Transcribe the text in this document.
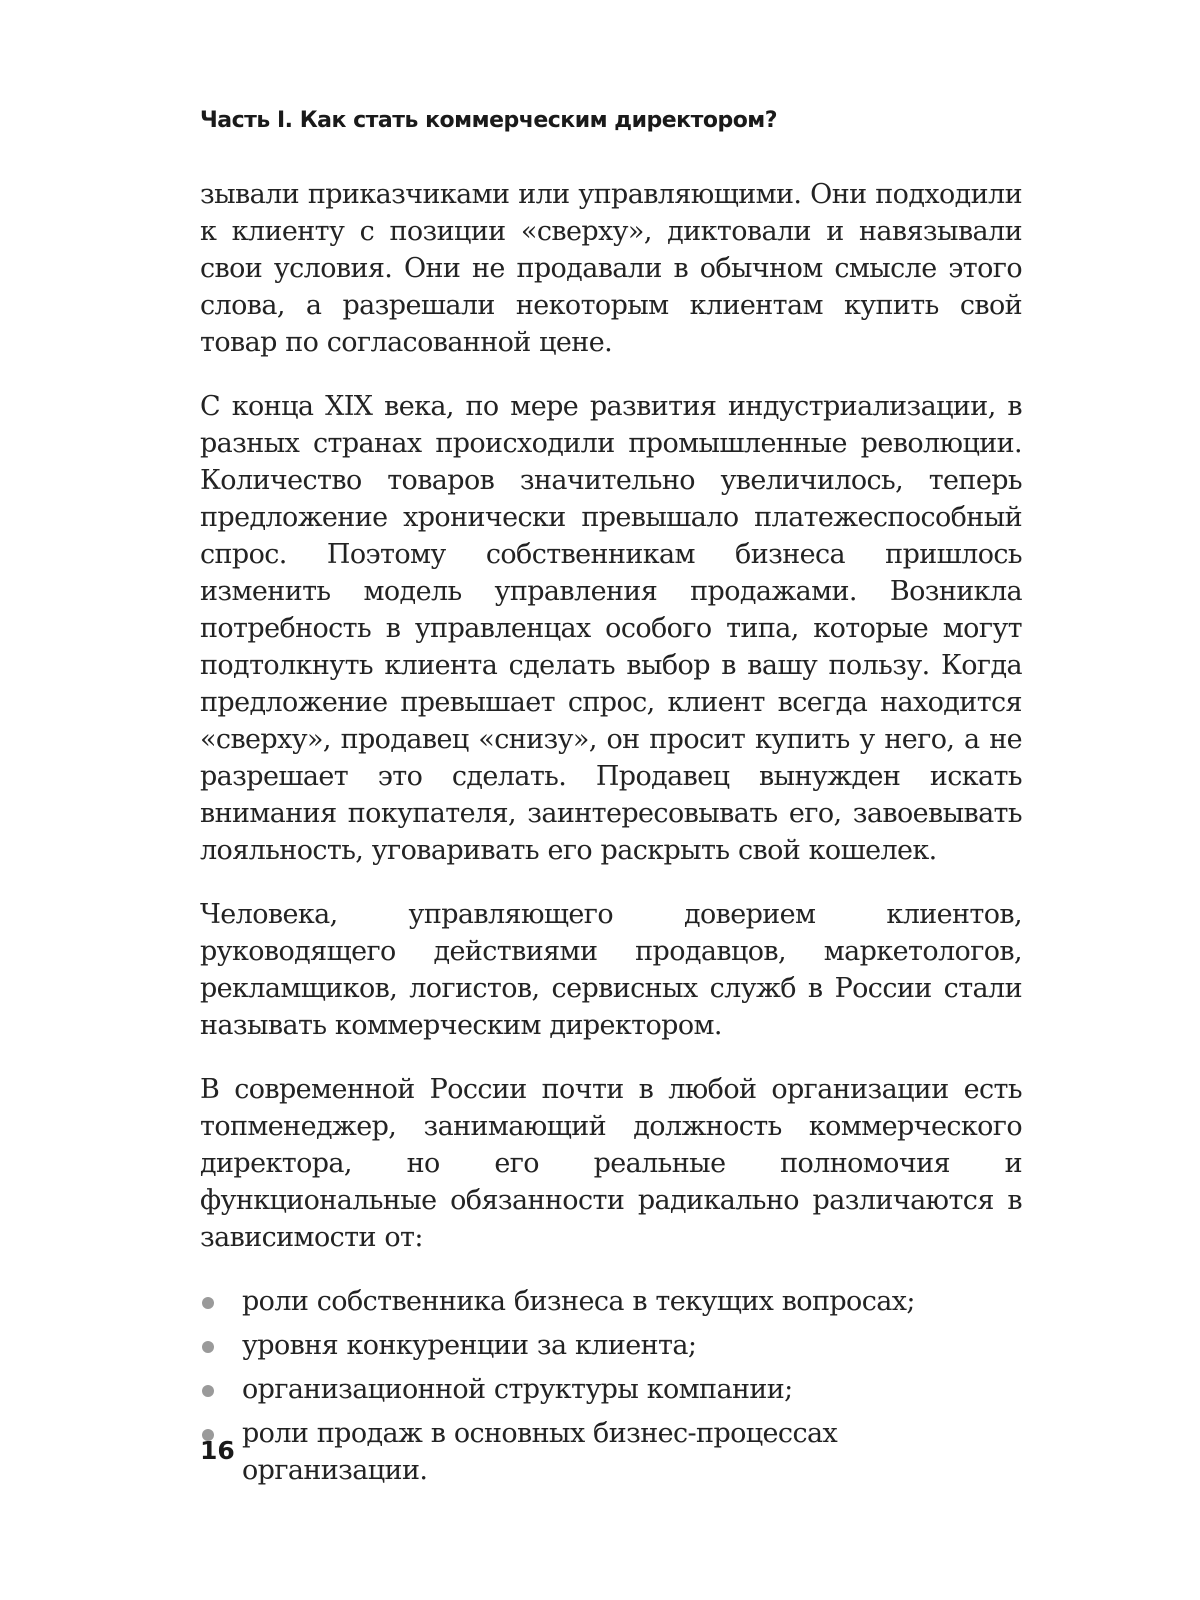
Часть I. Как стать коммерческим директором?

зывали приказчиками или управляющими. Они подходили к клиенту с позиции «сверху», диктовали и навязывали свои условия. Они не продавали в обычном смысле этого слова, а разрешали некоторым клиентам купить свой товар по согласованной цене.

С конца XIX века, по мере развития индустриализации, в разных странах происходили промышленные революции. Количество товаров значительно увеличилось, теперь предложение хронически превышало платежеспособный спрос. Поэтому собственникам бизнеса пришлось изменить модель управления продажами. Возникла потребность в управленцах особого типа, которые могут подтолкнуть клиента сделать выбор в вашу пользу. Когда предложение превышает спрос, клиент всегда находится «сверху», продавец «снизу», он просит купить у него, а не разрешает это сделать. Продавец вынужден искать внимания покупателя, заинтересовывать его, завоевывать лояльность, уговаривать его раскрыть свой кошелек.

Человека, управляющего доверием клиентов, руководящего действиями продавцов, маркетологов, рекламщиков, логистов, сервисных служб в России стали называть коммерческим директором.

В современной России почти в любой организации есть топменеджер, занимающий должность коммерческого директора, но его реальные полномочия и функциональные обязанности радикально различаются в зависимости от:

роли собственника бизнеса в текущих вопросах;
уровня конкуренции за клиента;
организационной структуры компании;
роли продаж в основных бизнес-процессах организации.
16
